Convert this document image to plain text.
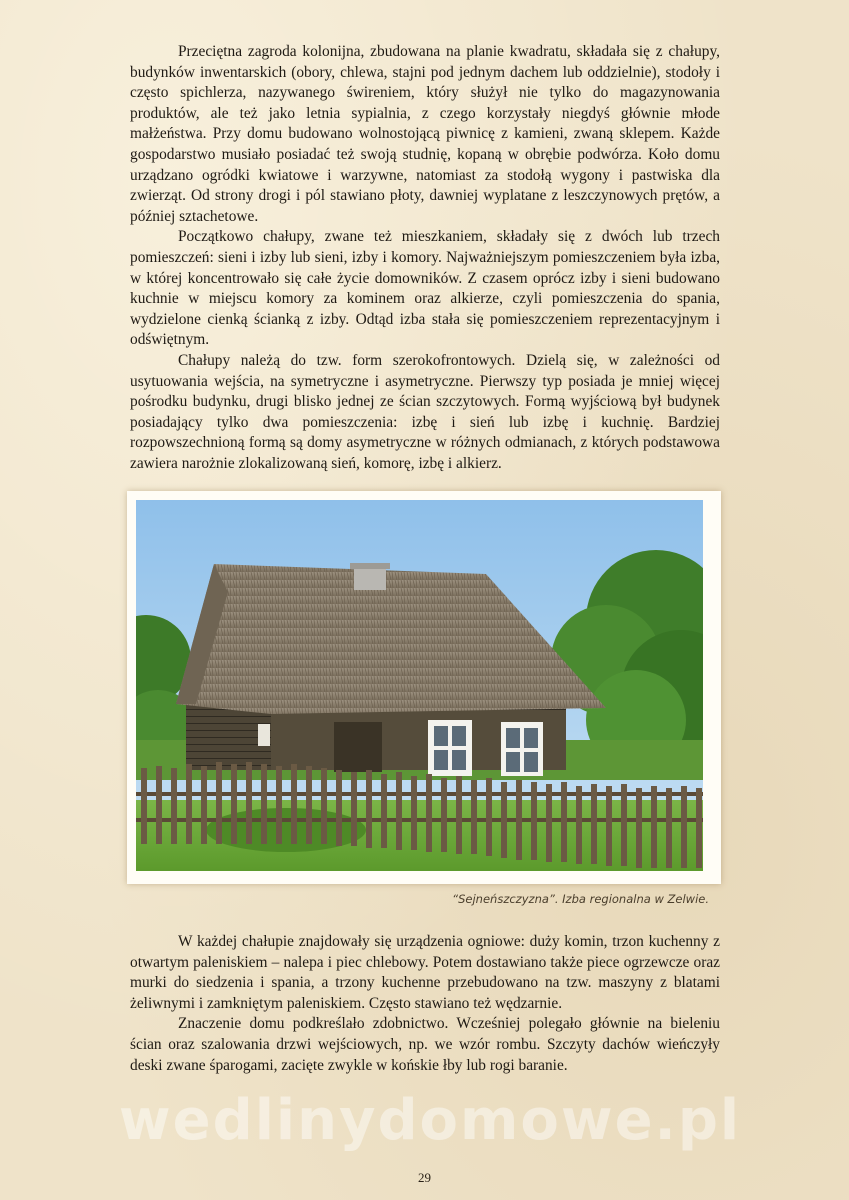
Przeciętna zagroda kolonijna, zbudowana na planie kwadratu, składała się z chałupy, budynków inwentarskich (obory, chlewa, stajni pod jednym dachem lub oddzielnie), stodoły i często spichlerza, nazywanego świreniem, który służył nie tylko do magazynowania produktów, ale też jako letnia sypialnia, z czego korzystały niegdyś głównie młode małżeństwa. Przy domu budowano wolnostojącą piwnicę z kamieni, zwaną sklepem. Każde gospodarstwo musiało posiadać też swoją studnię, kopaną w obrębie podwórza. Koło domu urządzano ogródki kwiatowe i warzywne, natomiast za stodołą wygony i pastwiska dla zwierząt. Od strony drogi i pól stawiano płoty, dawniej wyplatane z leszczynowych prętów, a później sztachetowe.

Początkowo chałupy, zwane też mieszkaniem, składały się z dwóch lub trzech pomieszczeń: sieni i izby lub sieni, izby i komory. Najważniejszym pomieszczeniem była izba, w której koncentrowało się całe życie domowników. Z czasem oprócz izby i sieni budowano kuchnie w miejscu komory za kominem oraz alkierze, czyli pomieszczenia do spania, wydzielone cienką ścianką z izby. Odtąd izba stała się pomieszczeniem reprezentacyjnym i odświętnym.

Chałupy należą do tzw. form szerokofrontowych. Dzielą się, w zależności od usytuowania wejścia, na symetryczne i asymetryczne. Pierwszy typ posiada je mniej więcej pośrodku budynku, drugi blisko jednej ze ścian szczytowych. Formą wyjściową był budynek posiadający tylko dwa pomieszczenia: izbę i sień lub izbę i kuchnię. Bardziej rozpowszechnioną formą są domy asymetryczne w różnych odmianach, z których podstawowa zawiera narożnie zlokalizowaną sień, komorę, izbę i alkierz.

“Sejneńszczyzna”. Izba regionalna w Zelwie.

W każdej chałupie znajdowały się urządzenia ogniowe: duży komin, trzon kuchenny z otwartym paleniskiem – nalepa i piec chlebowy. Potem dostawiano także piece ogrzewcze oraz murki do siedzenia i spania, a trzony kuchenne przebudowano na tzw. maszyny z blatami żeliwnymi i zamkniętym paleniskiem. Często stawiano też wędzarnie.

Znaczenie domu podkreślało zdobnictwo. Wcześniej polegało głównie na bieleniu ścian oraz szalowania drzwi wejściowych, np. we wzór rombu. Szczyty dachów wieńczyły deski zwane śparogami, zacięte zwykle w końskie łby lub rogi baranie.

wedlinydomowe.pl
29
